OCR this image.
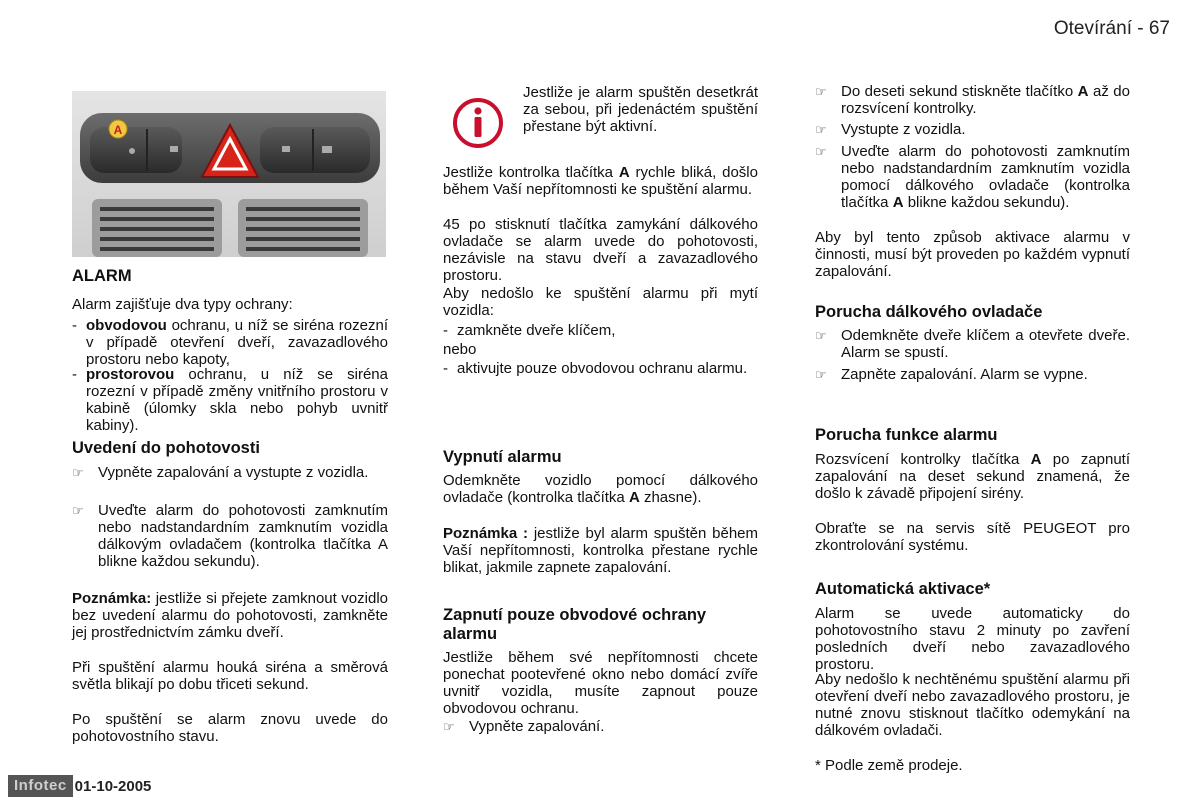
Otevírání - 67
A
ALARM
Alarm zajišťuje dva typy ochrany:
- obvodovou ochranu, u níž se siréna rozezní v případě otevření dveří, zavazadlového prostoru nebo kapoty,
- prostorovou ochranu, u níž se siréna rozezní v případě změny vnitřního prostoru v kabině (úlomky skla nebo pohyb uvnitř kabiny).
Uvedení do pohotovosti
☞ Vypněte zapalování a vystupte z vozidla.
☞ Uveďte alarm do pohotovosti zamknutím nebo nadstandardním zamknutím vozidla dálkovým ovladačem (kontrolka tlačítka A blikne každou sekundu).
Poznámka: jestliže si přejete zamknout vozidlo bez uvedení alarmu do pohotovosti, zamkněte jej prostřednictvím zámku dveří.
Při spuštění alarmu houká siréna a směrová světla blikají po dobu třiceti sekund.
Po spuštění se alarm znovu uvede do pohotovostního stavu.
Jestliže je alarm spuštěn desetkrát za sebou, při jedenáctém spuštění přestane být aktivní.
Jestliže kontrolka tlačítka A rychle bliká, došlo během Vaší nepřítomnosti ke spuštění alarmu.
45 po stisknutí tlačítka zamykání dálkového ovladače se alarm uvede do pohotovosti, nezávisle na stavu dveří a zavazadlového prostoru.
Aby nedošlo ke spuštění alarmu při mytí vozidla:
- zamkněte dveře klíčem,
nebo
- aktivujte pouze obvodovou ochranu alarmu.
Vypnutí alarmu
Odemkněte vozidlo pomocí dálkového ovladače (kontrolka tlačítka A zhasne).
Poznámka : jestliže byl alarm spuštěn během Vaší nepřítomnosti, kontrolka přestane rychle blikat, jakmile zapnete zapalování.
Zapnutí pouze obvodové ochrany alarmu
Jestliže během své nepřítomnosti chcete ponechat pootevřené okno nebo domácí zvíře uvnitř vozidla, musíte zapnout pouze obvodovou ochranu.
☞ Vypněte zapalování.
☞ Do deseti sekund stiskněte tlačítko A až do rozsvícení kontrolky.
☞ Vystupte z vozidla.
☞ Uveďte alarm do pohotovosti zamknutím nebo nadstandardním zamknutím vozidla pomocí dálkového ovladače (kontrolka tlačítka A blikne každou sekundu).
Aby byl tento způsob aktivace alarmu v činnosti, musí být proveden po každém vypnutí zapalování.
Porucha dálkového ovladače
☞ Odemkněte dveře klíčem a otevřete dveře. Alarm se spustí.
☞ Zapněte zapalování. Alarm se vypne.
Porucha funkce alarmu
Rozsvícení kontrolky tlačítka A po zapnutí zapalování na deset sekund znamená, že došlo k závadě připojení sirény.
Obraťte se na servis sítě PEUGEOT pro zkontrolování systému.
Automatická aktivace*
Alarm se uvede automaticky do pohotovostního stavu 2 minuty po zavření posledních dveří nebo zavazadlového prostoru.
Aby nedošlo k nechtěnému spuštění alarmu při otevření dveří nebo zavazadlového prostoru, je nutné znovu stisknout tlačítko odemykání na dálkovém ovladači.
* Podle země prodeje.
Infotec 01-10-2005
